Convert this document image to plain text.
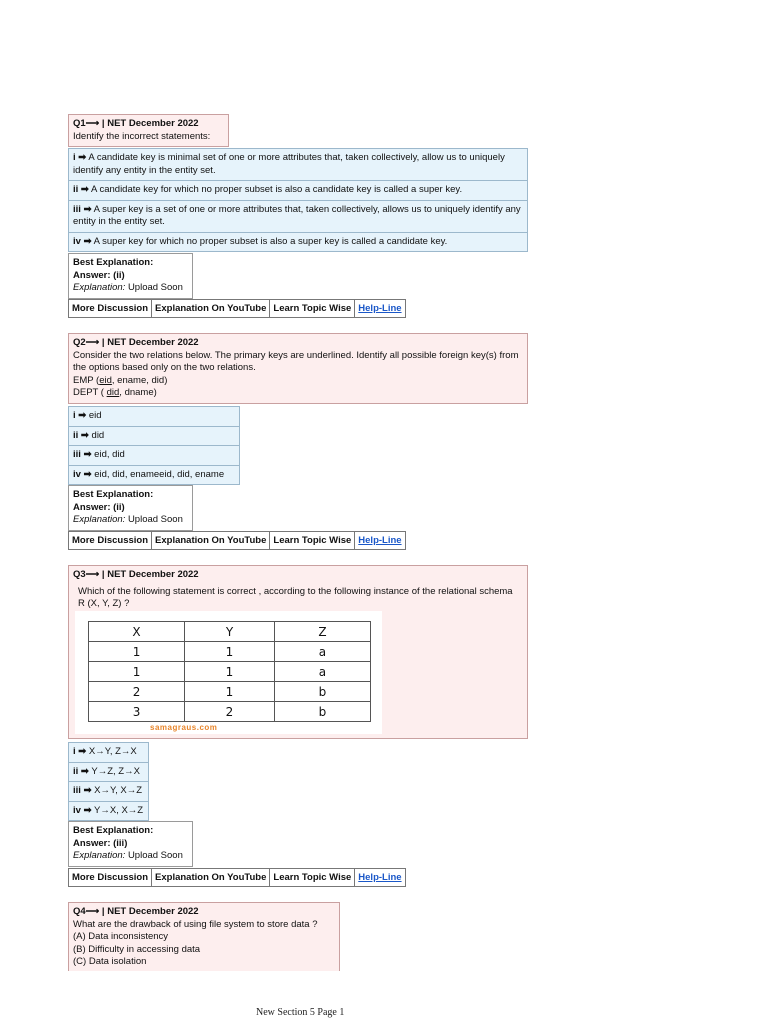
Q1⟶ | NET December 2022
Identify the incorrect statements:
i ➡ A candidate key is minimal set of one or more attributes that, taken collectively, allow us to uniquely identify any entity in the entity set.
ii ➡ A candidate key for which no proper subset is also a candidate key is called a super key.
iii ➡ A super key is a set of one or more attributes that, taken collectively, allows us to uniquely identify any entity in the entity set.
iv ➡ A super key for which no proper subset is also a super key is called a candidate key.
Best Explanation:
Answer: (ii)
Explanation: Upload Soon
More Discussion Explanation On YouTube Learn Topic Wise Help-Line
Q2⟶ | NET December 2022
Consider the two relations below. The primary keys are underlined. Identify all possible foreign key(s) from the options based only on the two relations.
EMP (eid, ename, did)
DEPT ( did, dname)
i ➡ eid
ii ➡ did
iii ➡ eid, did
iv ➡ eid, did, enameeid, did, ename
Best Explanation:
Answer: (ii)
Explanation: Upload Soon
More Discussion Explanation On YouTube Learn Topic Wise Help-Line
Q3⟶ | NET December 2022
Which of the following statement is correct , according to the following instance of the relational schema R (X, Y, Z) ?
X	Y	Z
1	1	a
1	1	a
2	1	b
3	2	b
samagraus.com
i ➡ X→Y, Z→X
ii ➡ Y→Z, Z→X
iii ➡ X→Y, X→Z
iv ➡ Y→X, X→Z
Best Explanation:
Answer: (iii)
Explanation: Upload Soon
More Discussion Explanation On YouTube Learn Topic Wise Help-Line
Q4⟶ | NET December 2022
What are the drawback of using file system to store data ?
(A) Data inconsistency
(B) Difficulty in accessing data
(C) Data isolation
New Section 5 Page 1
